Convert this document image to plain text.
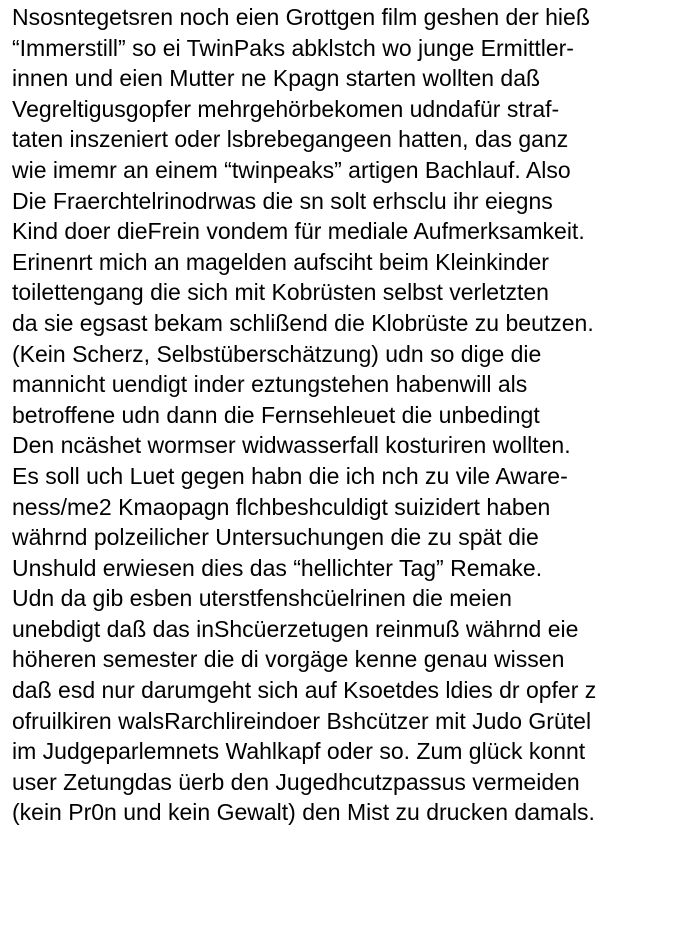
Nsosntegetsren noch eien Grottgen film geshen der hieß
“Immerstill” so ei TwinPaks abklstch wo junge Ermittler-
innen und eien Mutter ne Kpagn starten wollten daß
Vegreltigusgopfer mehrgehörbekomen udndafür straf-
taten inszeniert oder lsbrebegangeen hatten, das ganz
wie imemr an einem “twinpeaks” artigen Bachlauf. Also
Die Fraerchtelrinodrwas die sn solt erhsclu ihr eiegns
Kind doer dieFrein vondem für mediale Aufmerksamkeit.
Erinenrt mich an magelden aufsciht beim Kleinkinder
toilettengang die sich mit Kobrüsten selbst verletzten
da sie egsast bekam schlißend die Klobrüste zu beutzen.
(Kein Scherz, Selbstüberschätzung) udn so dige die
mannicht uendigt inder eztungstehen habenwill als
betroffene udn dann die Fernsehleuet die unbedingt
Den ncäshet wormser widwasserfall kosturiren wollten.
Es soll uch Luet gegen habn die ich nch zu vile Aware-
ness/me2 Kmaopagn flchbeshculdigt suizidert haben
währnd polzeilicher Untersuchungen die zu spät die
Unshuld erwiesen dies das “hellichter Tag” Remake.
Udn da gib esben uterstfenshcüelrinen die meien
unebdigt daß das inShcüerzetugen reinmuß währnd eie
höheren semester die di vorgäge kenne genau wissen
daß esd nur darumgeht sich auf Ksoetdes ldies dr opfer z
ofruilkiren walsRarchlireindoer Bshcützer mit Judo Grütel
im Judgeparlemnets Wahlkapf oder so. Zum glück konnt
user Zetungdas üerb den Jugedhcutzpassus vermeiden
(kein Pr0n und kein Gewalt) den Mist zu drucken damals.
